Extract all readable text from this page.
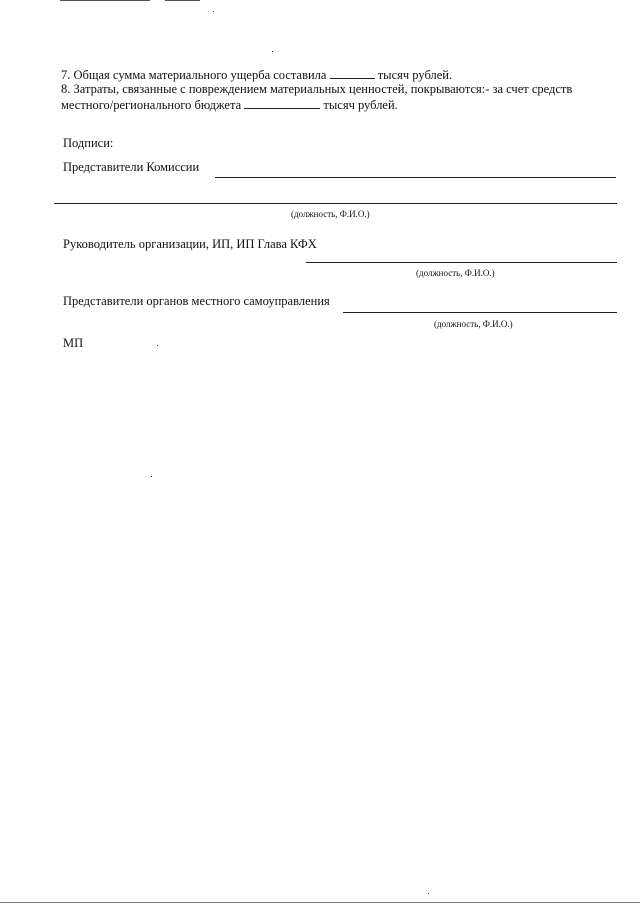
7. Общая сумма материального ущерба составила	тысяч рублей.
8. Затраты, связанные с повреждением материальных ценностей, покрываются:- за счет средств
местного/регионального бюджета	тысяч рублей.
Подписи:
Представители Комиссии
(должность, Ф.И.О.)
Руководитель организации, ИП, ИП Глава КФХ
(должность, Ф.И.О.)
Представители органов местного самоуправления
(должность, Ф.И.О.)
МП
